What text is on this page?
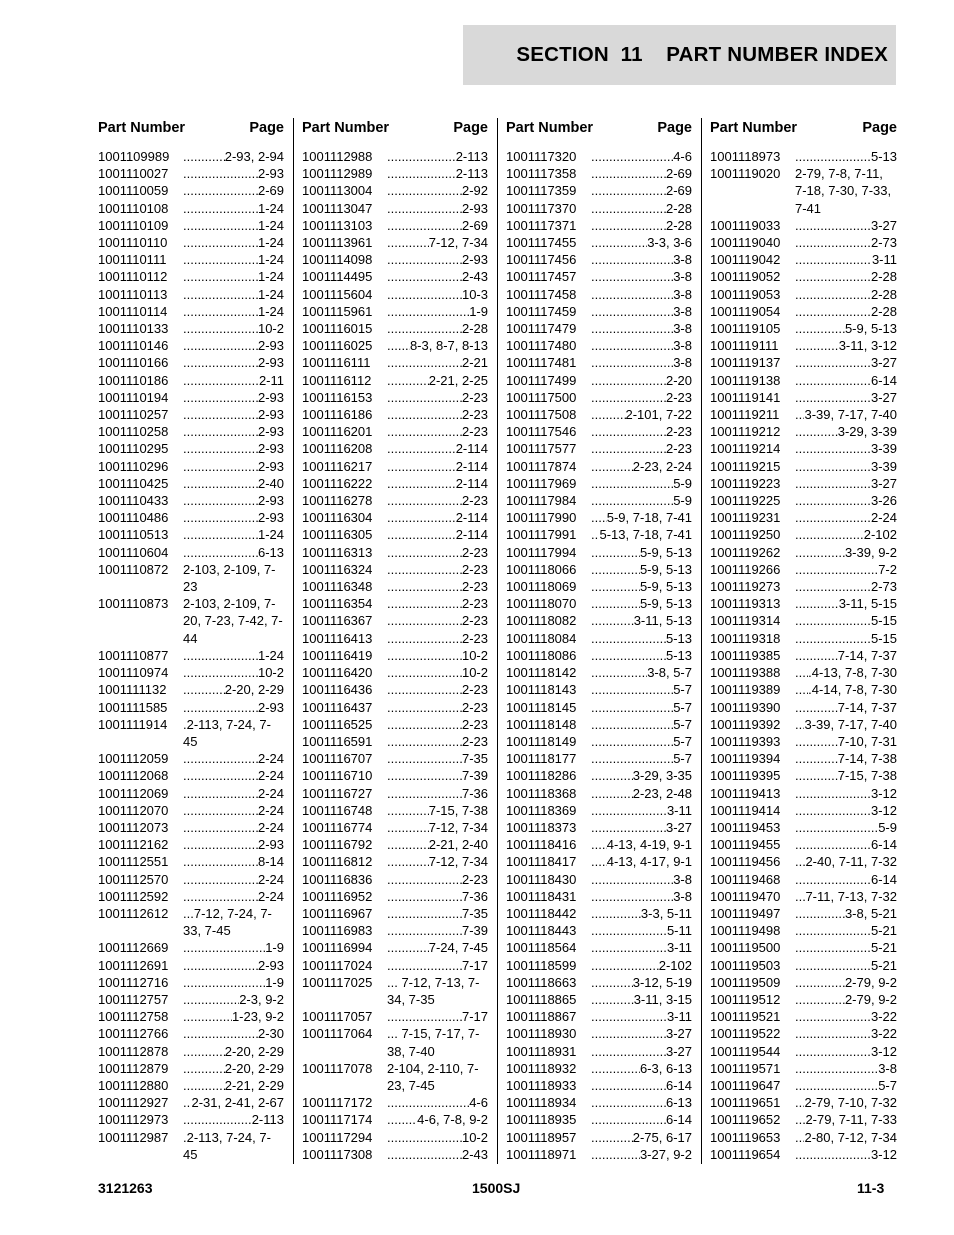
SECTION  11    PART NUMBER INDEX
Part Number	Page
1001109989 .....	2-93, 2-94
1001110027 .....	2-93
1001110059 .....	2-69
1001110108 .....	1-24
1001110109 .....	1-24
1001110110 .....	1-24
1001110111 .....	1-24
1001110112 .....	1-24
1001110113 .....	1-24
1001110114 .....	1-24
1001110133 .....	10-2
1001110146 .....	2-93
1001110166 .....	2-93
1001110186 .....	2-11
1001110194 .....	2-93
1001110257 .....	2-93
1001110258 .....	2-93
1001110295 .....	2-93
1001110296 .....	2-93
1001110425 .....	2-40
1001110433 .....	2-93
1001110486 .....	2-93
1001110513 .....	1-24
1001110604 .....	6-13
1001110872	2-103, 2-109, 7-23
1001110873	2-103, 2-109, 7-20, 7-23, 7-42, 7-44
1001110877 .....	1-24
1001110974 .....	10-2
1001111132 .....	2-20, 2-29
1001111585 .....	2-93
1001111914	.2-113, 7-24, 7-45
1001112059 .....	2-24
1001112068 .....	2-24
1001112069 .....	2-24
1001112070 .....	2-24
1001112073 .....	2-24
1001112162 .....	2-93
1001112551 .....	8-14
1001112570 .....	2-24
1001112592 .....	2-24
1001112612	...7-12, 7-24, 7-33, 7-45
1001112669 .....	1-9
1001112691 .....	2-93
1001112716 .....	1-9
1001112757 .....	2-3, 9-2
1001112758 .....	1-23, 9-2
1001112766 .....	2-30
1001112878 .....	2-20, 2-29
1001112879 .....	2-20, 2-29
1001112880 .....	2-21, 2-29
1001112927 .....	2-31, 2-41, 2-67
1001112973 .....	2-113
1001112987	.2-113, 7-24, 7-45
Part Number	Page
1001112988 .....	2-113
1001112989 .....	2-113
1001113004 .....	2-92
1001113047 .....	2-93
1001113103 .....	2-69
1001113961 .....	7-12, 7-34
1001114098 .....	2-93
1001114495 .....	2-43
1001115604 .....	10-3
1001115961 .....	1-9
1001116015 .....	2-28
1001116025 .....	8-3, 8-7, 8-13
1001116111 .....	2-21
1001116112 .....	2-21, 2-25
1001116153 .....	2-23
1001116186 .....	2-23
1001116201 .....	2-23
1001116208 .....	2-114
1001116217 .....	2-114
1001116222 .....	2-114
1001116278 .....	2-23
1001116304 .....	2-114
1001116305 .....	2-114
1001116313 .....	2-23
1001116324 .....	2-23
1001116348 .....	2-23
1001116354 .....	2-23
1001116367 .....	2-23
1001116413 .....	2-23
1001116419 .....	10-2
1001116420 .....	10-2
1001116436 .....	2-23
1001116437 .....	2-23
1001116525 .....	2-23
1001116591 .....	2-23
1001116707 .....	7-35
1001116710 .....	7-39
1001116727 .....	7-36
1001116748 .....	7-15, 7-38
1001116774 .....	7-12, 7-34
1001116792 .....	2-21, 2-40
1001116812 .....	7-12, 7-34
1001116836 .....	2-23
1001116952 .....	7-36
1001116967 .....	7-35
1001116983 .....	7-39
1001116994 .....	7-24, 7-45
1001117024 .....	7-17
1001117025	... 7-12, 7-13, 7-34, 7-35
1001117057 .....	7-17
1001117064	... 7-15, 7-17, 7-38, 7-40
1001117078	2-104, 2-110, 7-23, 7-45
1001117172 .....	4-6
1001117174 .....	4-6, 7-8, 9-2
1001117294 .....	10-2
1001117308 .....	2-43
Part Number	Page
1001117320 .....	4-6
1001117358 .....	2-69
1001117359 .....	2-69
1001117370 .....	2-28
1001117371 .....	2-28
1001117455 .....	3-3, 3-6
1001117456 .....	3-8
1001117457 .....	3-8
1001117458 .....	3-8
1001117459 .....	3-8
1001117479 .....	3-8
1001117480 .....	3-8
1001117481 .....	3-8
1001117499 .....	2-20
1001117500 .....	2-23
1001117508 .....	2-101, 7-22
1001117546 .....	2-23
1001117577 .....	2-23
1001117874 .....	2-23, 2-24
1001117969 .....	5-9
1001117984 .....	5-9
1001117990 .....	5-9, 7-18, 7-41
1001117991 .....	5-13, 7-18, 7-41
1001117994 .....	5-9, 5-13
1001118066 .....	5-9, 5-13
1001118069 .....	5-9, 5-13
1001118070 .....	5-9, 5-13
1001118082 .....	3-11, 5-13
1001118084 .....	5-13
1001118086 .....	5-13
1001118142 .....	3-8, 5-7
1001118143 .....	5-7
1001118145 .....	5-7
1001118148 .....	5-7
1001118149 .....	5-7
1001118177 .....	5-7
1001118286 .....	3-29, 3-35
1001118368 .....	2-23, 2-48
1001118369 .....	3-11
1001118373 .....	3-27
1001118416 .....	4-13, 4-19, 9-1
1001118417 .....	4-13, 4-17, 9-1
1001118430 .....	3-8
1001118431 .....	3-8
1001118442 .....	3-3, 5-11
1001118443 .....	5-11
1001118564 .....	3-11
1001118599 .....	2-102
1001118663 .....	3-12, 5-19
1001118865 .....	3-11, 3-15
1001118867 .....	3-11
1001118930 .....	3-27
1001118931 .....	3-27
1001118932 .....	6-3, 6-13
1001118933 .....	6-14
1001118934 .....	6-13
1001118935 .....	6-14
1001118957 .....	2-75, 6-17
1001118971 .....	3-27, 9-2
Part Number	Page
1001118973 .....	5-13
1001119020	2-79, 7-8, 7-11, 7-18, 7-30, 7-33, 7-41
1001119033 .....	3-27
1001119040 .....	2-73
1001119042 .....	3-11
1001119052 .....	2-28
1001119053 .....	2-28
1001119054 .....	2-28
1001119105 .....	5-9, 5-13
1001119111 .....	3-11, 3-12
1001119137 .....	3-27
1001119138 .....	6-14
1001119141 .....	3-27
1001119211 .....	3-39, 7-17, 7-40
1001119212 .....	3-29, 3-39
1001119214 .....	3-39
1001119215 .....	3-39
1001119223 .....	3-27
1001119225 .....	3-26
1001119231 .....	2-24
1001119250 .....	2-102
1001119262 .....	3-39, 9-2
1001119266 .....	7-2
1001119273 .....	2-73
1001119313 .....	3-11, 5-15
1001119314 .....	5-15
1001119318 .....	5-15
1001119385 .....	7-14, 7-37
1001119388 .....	.4-13, 7-8, 7-30
1001119389 .....	.4-14, 7-8, 7-30
1001119390 .....	7-14, 7-37
1001119392 .....	3-39, 7-17, 7-40
1001119393 .....	7-10, 7-31
1001119394 .....	7-14, 7-38
1001119395 .....	7-15, 7-38
1001119413 .....	3-12
1001119414 .....	3-12
1001119453 .....	5-9
1001119455 .....	6-14
1001119456 .....	2-40, 7-11, 7-32
1001119468 .....	6-14
1001119470 .....	7-11, 7-13, 7-32
1001119497 .....	3-8, 5-21
1001119498 .....	5-21
1001119500 .....	5-21
1001119503 .....	5-21
1001119509 .....	2-79, 9-2
1001119512 .....	2-79, 9-2
1001119521 .....	3-22
1001119522 .....	3-22
1001119544 .....	3-12
1001119571 .....	3-8
1001119647 .....	5-7
1001119651 .....	2-79, 7-10, 7-32
1001119652 .....	2-79, 7-11, 7-33
1001119653 .....	2-80, 7-12, 7-34
1001119654 .....	3-12
3121263	1500SJ	11-3
